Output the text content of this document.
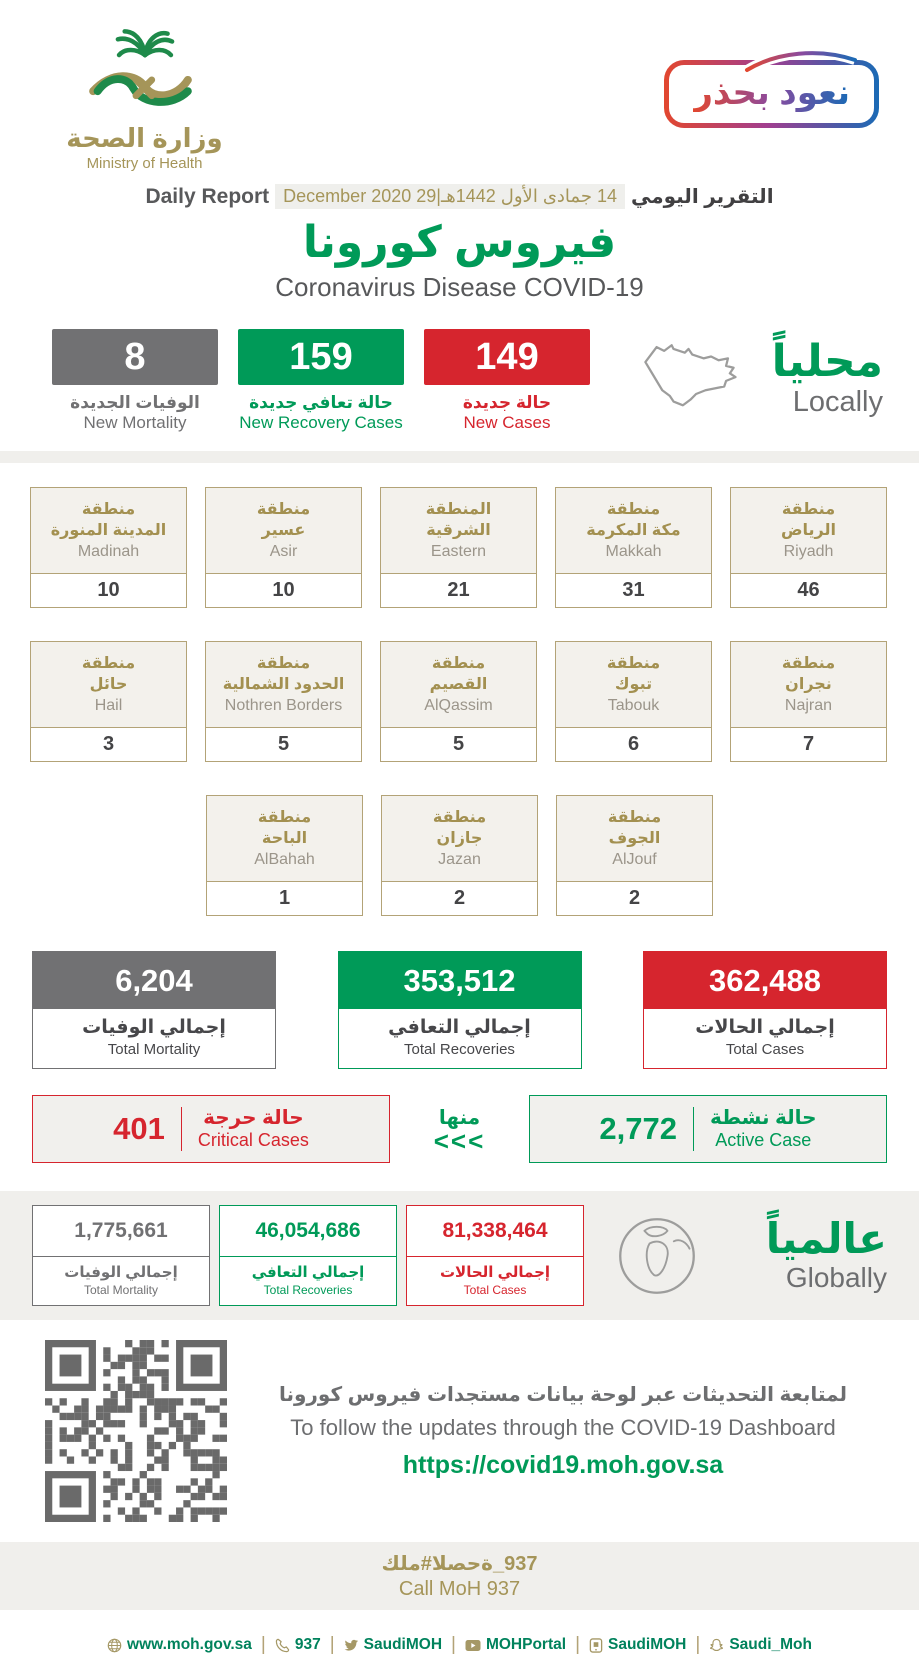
وزارة الصحة
Ministry of Health
نعود بحذر
Daily Report 14 جمادى الأول 1442هـ|29 December 2020 التقرير اليومي
فيروس كورونا
Coronavirus Disease COVID-19
8
الوفيات الجديدة
New Mortality
159
حالة تعافي جديدة
New Recovery Cases
149
حالة جديدة
New Cases
محلياً
Locally
منطقة
المدينة المنورة
Madinah
10
منطقة
عسير
Asir
10
المنطقة
الشرقية
Eastern
21
منطقة
مكة المكرمة
Makkah
31
منطقة
الرياض
Riyadh
46
منطقة
حائل
Hail
3
منطقة
الحدود الشمالية
Nothren Borders
5
منطقة
القصيم
AlQassim
5
منطقة
تبوك
Tabouk
6
منطقة
نجران
Najran
7
منطقة
الباحة
AlBahah
1
منطقة
جازان
Jazan
2
منطقة
الجوف
AlJouf
2
6,204
إجمالي الوفيات
Total Mortality
353,512
إجمالي التعافي
Total Recoveries
362,488
إجمالي الحالات
Total Cases
401 حالة حرجة
Critical Cases
منها
<<<	2,772 حالة نشطة
Active Case
1,775,661
إجمالي الوفيات
Total Mortality
46,054,686
إجمالي التعافي
Total Recoveries
81,338,464
إجمالي الحالات
Total Cases
عالمياً
Globally
لمتابعة التحديثات عبر لوحة بيانات مستجدات فيروس كورونا
To follow the updates through the COVID-19 Dashboard
https://covid19.moh.gov.sa
كلم#الصحة_937
Call MoH 937
www.moh.gov.sa | 937 | SaudiMOH | MOHPortal | SaudiMOH | Saudi_Moh
